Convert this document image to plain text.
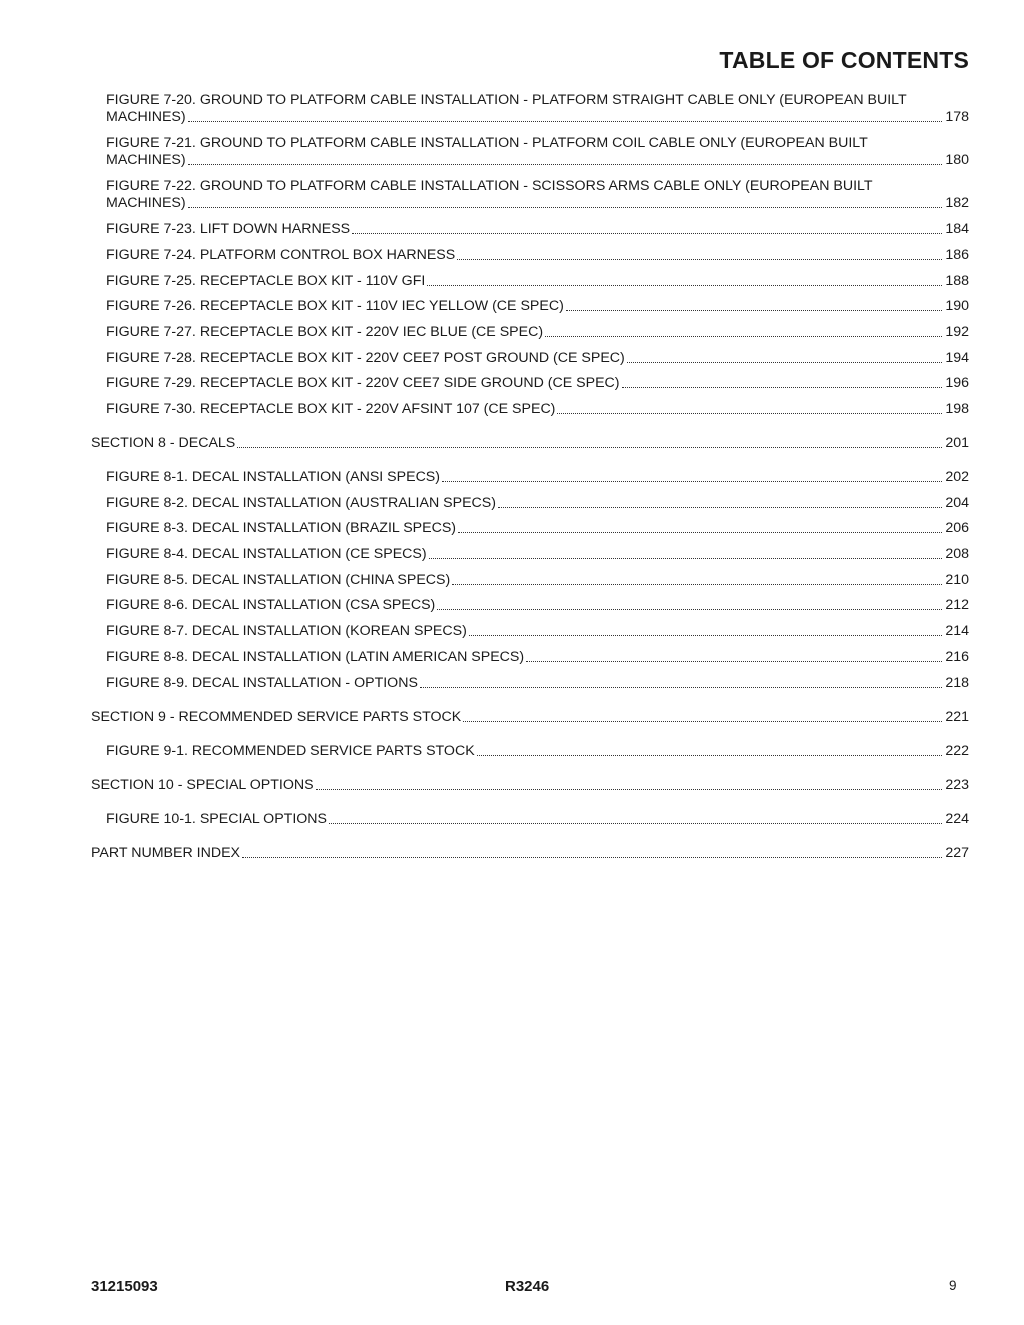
TABLE OF CONTENTS
FIGURE 7-20. GROUND TO PLATFORM CABLE INSTALLATION - PLATFORM STRAIGHT CABLE ONLY (EUROPEAN BUILT
MACHINES)	178
FIGURE 7-21. GROUND TO PLATFORM CABLE INSTALLATION - PLATFORM COIL CABLE ONLY (EUROPEAN BUILT
MACHINES)	180
FIGURE 7-22. GROUND TO PLATFORM CABLE INSTALLATION - SCISSORS ARMS CABLE ONLY (EUROPEAN BUILT
MACHINES)	182
FIGURE 7-23. LIFT DOWN HARNESS	184
FIGURE 7-24. PLATFORM CONTROL BOX HARNESS	186
FIGURE 7-25. RECEPTACLE BOX KIT - 110V GFI	188
FIGURE 7-26. RECEPTACLE BOX KIT - 110V IEC YELLOW (CE SPEC)	190
FIGURE 7-27. RECEPTACLE BOX KIT - 220V IEC BLUE (CE SPEC)	192
FIGURE 7-28. RECEPTACLE BOX KIT - 220V CEE7 POST GROUND (CE SPEC)	194
FIGURE 7-29. RECEPTACLE BOX KIT - 220V CEE7 SIDE GROUND (CE SPEC)	196
FIGURE 7-30. RECEPTACLE BOX KIT - 220V AFSINT 107 (CE SPEC)	198
SECTION 8 - DECALS	201
FIGURE 8-1. DECAL INSTALLATION (ANSI SPECS)	202
FIGURE 8-2. DECAL INSTALLATION (AUSTRALIAN SPECS)	204
FIGURE 8-3. DECAL INSTALLATION (BRAZIL SPECS)	206
FIGURE 8-4. DECAL INSTALLATION (CE SPECS)	208
FIGURE 8-5. DECAL INSTALLATION (CHINA SPECS)	210
FIGURE 8-6. DECAL INSTALLATION (CSA SPECS)	212
FIGURE 8-7. DECAL INSTALLATION (KOREAN SPECS)	214
FIGURE 8-8. DECAL INSTALLATION (LATIN AMERICAN SPECS)	216
FIGURE 8-9. DECAL INSTALLATION - OPTIONS	218
SECTION 9 - RECOMMENDED SERVICE PARTS STOCK	221
FIGURE 9-1. RECOMMENDED SERVICE PARTS STOCK	222
SECTION 10 - SPECIAL OPTIONS	223
FIGURE 10-1. SPECIAL OPTIONS	224
PART NUMBER INDEX	227
31215093	R3246	9
